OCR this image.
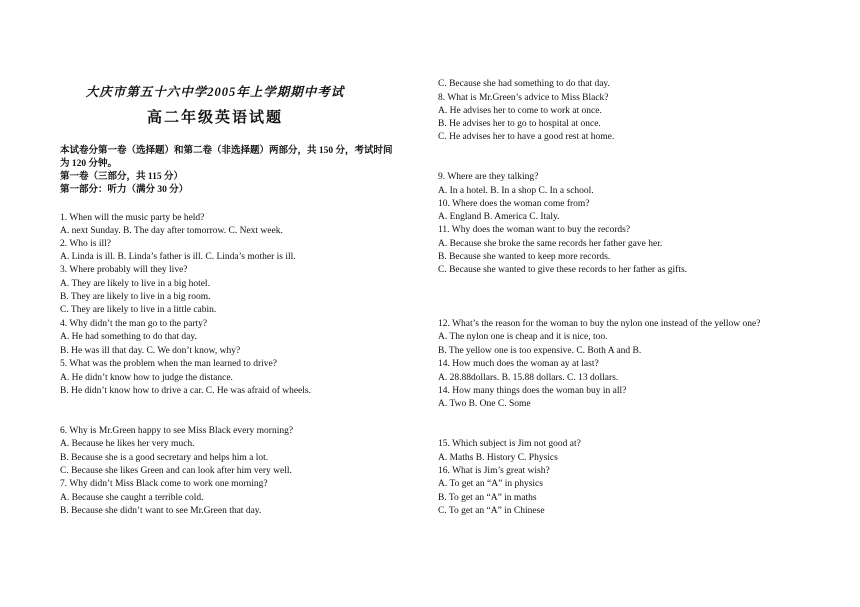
大庆市第五十六中学2005年上学期期中考试
高二年级英语试题
本试卷分第一卷（选择题）和第二卷（非选择题）两部分，共 150 分，考试时间
为 120 分钟。
第一卷（三部分，共 115 分）
第一部分：听力（满分 30 分）
1. When will the music party be held?
A. next Sunday. B. The day after tomorrow. C. Next week.
2. Who is ill?
A. Linda is ill. B. Linda’s father is ill. C. Linda’s mother is ill.
3. Where probably will they live?
A. They are likely to live in a big hotel.
B. They are likely to live in a big room.
C. They are likely to live in a little cabin.
4. Why didn’t the man go to the party?
A. He had something to do that day.
B. He was ill that day. C. We don’t know, why?
5. What was the problem when the man learned to drive?
A. He didn’t know how to judge the distance.
B. He didn’t know how to drive a car. C. He was afraid of wheels.
6. Why is Mr.Green happy to see Miss Black every morning?
A. Because he likes her very much.
B. Because she is a good secretary and helps him a lot.
C. Because she likes Green and can look after him very well.
7. Why didn’t Miss Black come to work one morning?
A. Because she caught a terrible cold.
B. Because she didn’t want to see Mr.Green that day.
C. Because she had something to do that day.
8. What is Mr.Green’s advice to Miss Black?
A. He advises her to come to work at once.
B. He advises her to go to hospital at once.
C. He advises her to have a good rest at home.
9. Where are they talking?
A. In a hotel. B. In a shop C. In a school.
10. Where does the woman come from?
A. England B. America C. Italy.
11. Why does the woman want to buy the records?
A. Because she broke the same records her father gave her.
B. Because she wanted to keep more records.
C. Because she wanted to give these records to her father as gifts.
12. What’s the reason for the woman to buy the nylon one instead of the yellow one?
A. The nylon one is cheap and it is nice, too.
B. The yellow one is too expensive. C. Both A and B.
14. How much does the woman ay at last?
A. 28.88dollars. B. 15.88 dollars. C. 13 dollars.
14. How many things does the woman buy in all?
A. Two B. One C. Some
15. Which subject is Jim not good at?
A. Maths B. History C. Physics
16. What is Jim’s great wish?
A. To get an “A” in physics
B. To get an “A” in maths
C. To get an “A” in Chinese
